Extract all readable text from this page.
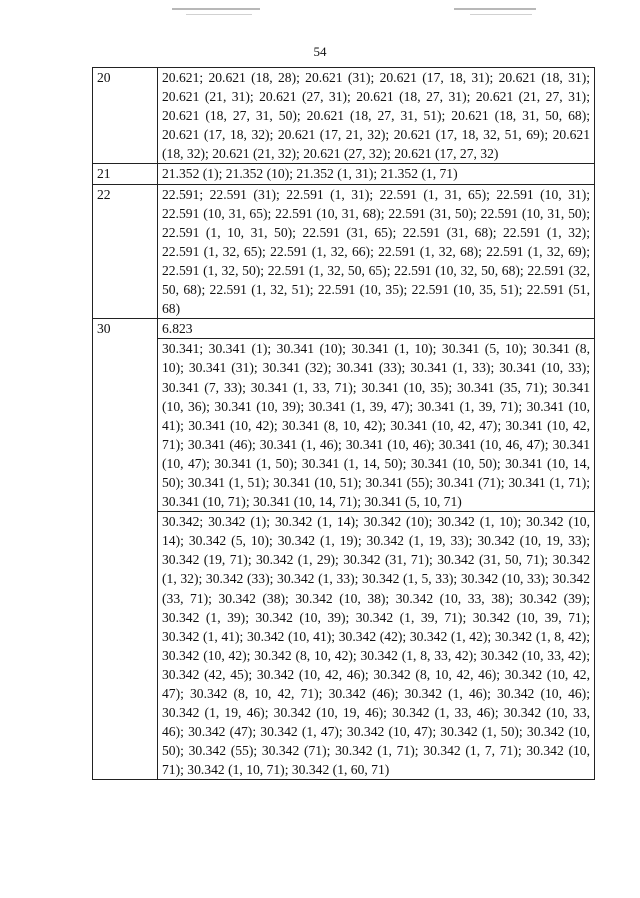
54
20	20.621; 20.621 (18, 28); 20.621 (31); 20.621 (17, 18, 31); 20.621 (18, 31); 20.621 (21, 31); 20.621 (27, 31); 20.621 (18, 27, 31); 20.621 (21, 27, 31); 20.621 (18, 27, 31, 50); 20.621 (18, 27, 31, 51); 20.621 (18, 31, 50, 68); 20.621 (17, 18, 32); 20.621 (17, 21, 32); 20.621 (17, 18, 32, 51, 69); 20.621 (18, 32); 20.621 (21, 32); 20.621 (27, 32); 20.621 (17, 27, 32)
21	21.352 (1); 21.352 (10); 21.352 (1, 31); 21.352 (1, 71)
22	22.591; 22.591 (31); 22.591 (1, 31); 22.591 (1, 31, 65); 22.591 (10, 31); 22.591 (10, 31, 65); 22.591 (10, 31, 68); 22.591 (31, 50); 22.591 (10, 31, 50); 22.591 (1, 10, 31, 50); 22.591 (31, 65); 22.591 (31, 68); 22.591 (1, 32); 22.591 (1, 32, 65); 22.591 (1, 32, 66); 22.591 (1, 32, 68); 22.591 (1, 32, 69); 22.591 (1, 32, 50); 22.591 (1, 32, 50, 65); 22.591 (10, 32, 50, 68); 22.591 (32, 50, 68); 22.591 (1, 32, 51); 22.591 (10, 35); 22.591 (10, 35, 51); 22.591 (51, 68)
30	6.823
	30.341; 30.341 (1); 30.341 (10); 30.341 (1, 10); 30.341 (5, 10); 30.341 (8, 10); 30.341 (31); 30.341 (32); 30.341 (33); 30.341 (1, 33); 30.341 (10, 33); 30.341 (7, 33); 30.341 (1, 33, 71); 30.341 (10, 35); 30.341 (35, 71); 30.341 (10, 36); 30.341 (10, 39); 30.341 (1, 39, 47); 30.341 (1, 39, 71); 30.341 (10, 41); 30.341 (10, 42); 30.341 (8, 10, 42); 30.341 (10, 42, 47); 30.341 (10, 42, 71); 30.341 (46); 30.341 (1, 46); 30.341 (10, 46); 30.341 (10, 46, 47); 30.341 (10, 47); 30.341 (1, 50); 30.341 (1, 14, 50); 30.341 (10, 50); 30.341 (10, 14, 50); 30.341 (1, 51); 30.341 (10, 51); 30.341 (55); 30.341 (71); 30.341 (1, 71); 30.341 (10, 71); 30.341 (10, 14, 71); 30.341 (5, 10, 71)
	30.342; 30.342 (1); 30.342 (1, 14); 30.342 (10); 30.342 (1, 10); 30.342 (10, 14); 30.342 (5, 10); 30.342 (1, 19); 30.342 (1, 19, 33); 30.342 (10, 19, 33); 30.342 (19, 71); 30.342 (1, 29); 30.342 (31, 71); 30.342 (31, 50, 71); 30.342 (1, 32); 30.342 (33); 30.342 (1, 33); 30.342 (1, 5, 33); 30.342 (10, 33); 30.342 (33, 71); 30.342 (38); 30.342 (10, 38); 30.342 (10, 33, 38); 30.342 (39); 30.342 (1, 39); 30.342 (10, 39); 30.342 (1, 39, 71); 30.342 (10, 39, 71); 30.342 (1, 41); 30.342 (10, 41); 30.342 (42); 30.342 (1, 42); 30.342 (1, 8, 42); 30.342 (10, 42); 30.342 (8, 10, 42); 30.342 (1, 8, 33, 42); 30.342 (10, 33, 42); 30.342 (42, 45); 30.342 (10, 42, 46); 30.342 (8, 10, 42, 46); 30.342 (10, 42, 47); 30.342 (8, 10, 42, 71); 30.342 (46); 30.342 (1, 46); 30.342 (10, 46); 30.342 (1, 19, 46); 30.342 (10, 19, 46); 30.342 (1, 33, 46); 30.342 (10, 33, 46); 30.342 (47); 30.342 (1, 47); 30.342 (10, 47); 30.342 (1, 50); 30.342 (10, 50); 30.342 (55); 30.342 (71); 30.342 (1, 71); 30.342 (1, 7, 71); 30.342 (10, 71); 30.342 (1, 10, 71); 30.342 (1, 60, 71)
